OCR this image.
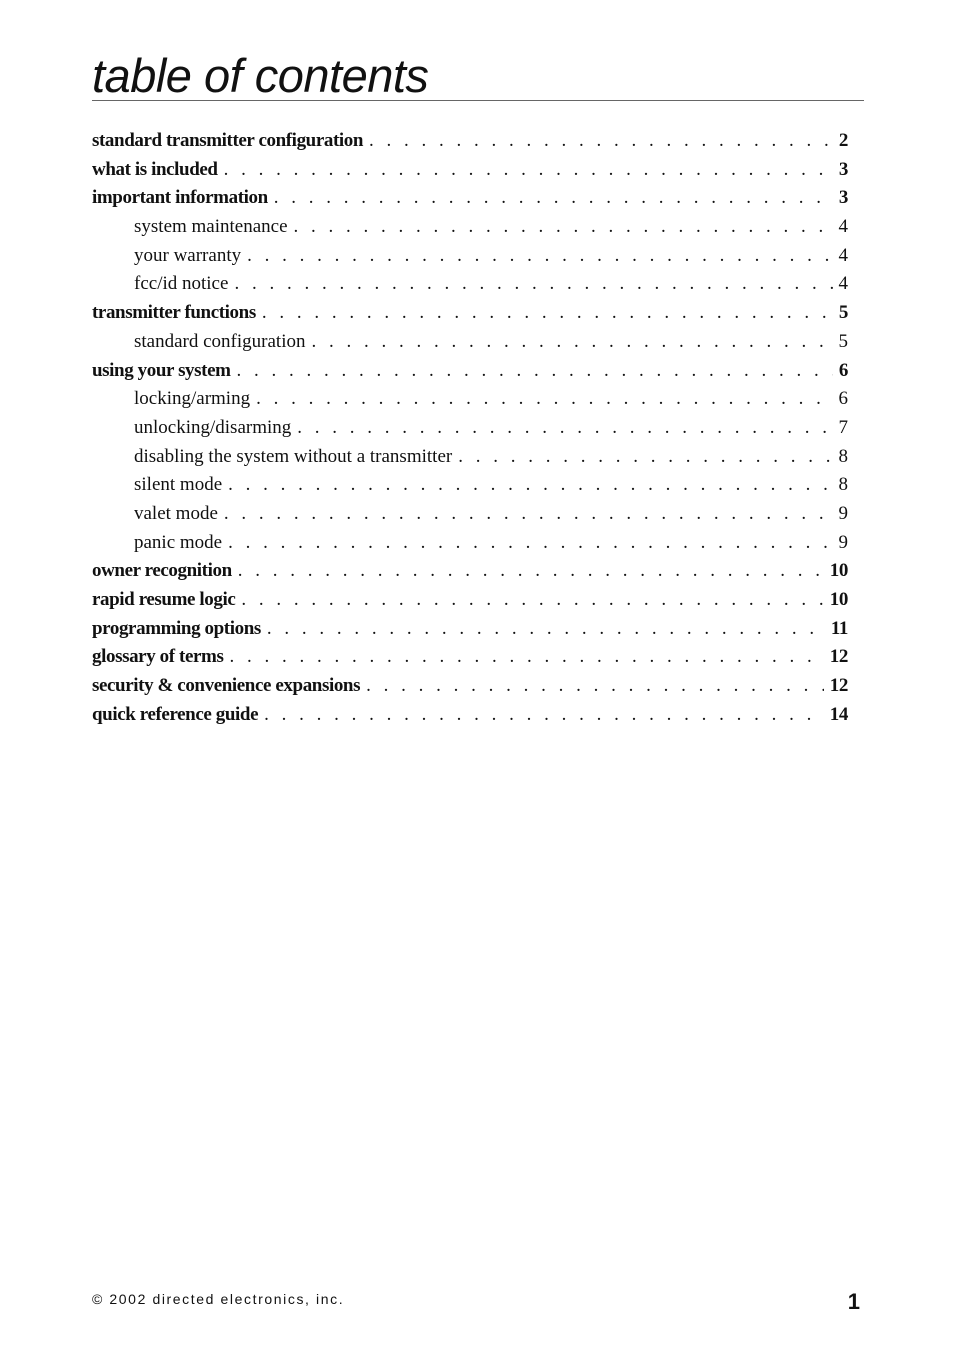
table of contents
standard transmitter configuration . . .	2
what is included . . .	3
important information . . .	3
system maintenance . . .	4
your warranty . . .	4
fcc/id notice . . .	4
transmitter functions . . .	5
standard configuration . . .	5
using your system . . .	6
locking/arming . . .	6
unlocking/disarming . . .	7
disabling the system without a transmitter . . .	8
silent mode . . .	8
valet mode . . .	9
panic mode . . .	9
owner recognition . . .	10
rapid resume logic . . .	10
programming options . . .	11
glossary of terms . . .	12
security & convenience expansions . . .	12
quick reference guide . . .	14
© 2002 directed electronics, inc.	1
